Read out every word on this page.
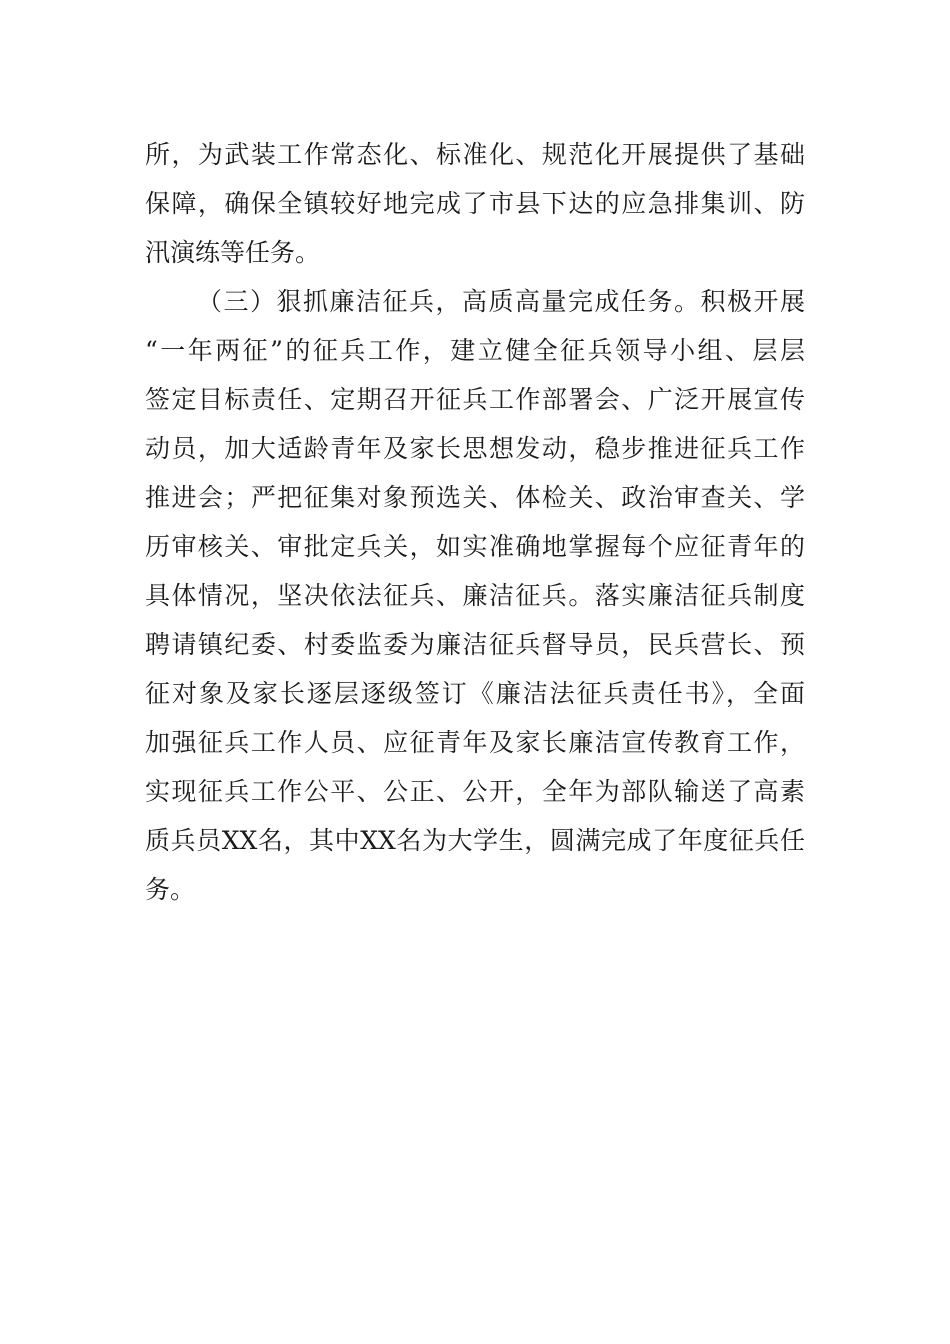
所，为武装工作常态化、标准化、规范化开展提供了基础

保障，确保全镇较好地完成了市县下达的应急排集训、防

汛演练等任务。

（三）狠抓廉洁征兵，高质高量完成任务。积极开展

“一年两征”的征兵工作，建立健全征兵领导小组、层层

签定目标责任、定期召开征兵工作部署会、广泛开展宣传

动员，加大适龄青年及家长思想发动，稳步推进征兵工作

推进会；严把征集对象预选关、体检关、政治审查关、学

历审核关、审批定兵关，如实准确地掌握每个应征青年的

具体情况，坚决依法征兵、廉洁征兵。落实廉洁征兵制度

聘请镇纪委、村委监委为廉洁征兵督导员，民兵营长、预

征对象及家长逐层逐级签订《廉洁法征兵责任书》，全面

加强征兵工作人员、应征青年及家长廉洁宣传教育工作，

实现征兵工作公平、公正、公开，全年为部队输送了高素

质兵员XX名，其中XX名为大学生，圆满完成了年度征兵任

务。
